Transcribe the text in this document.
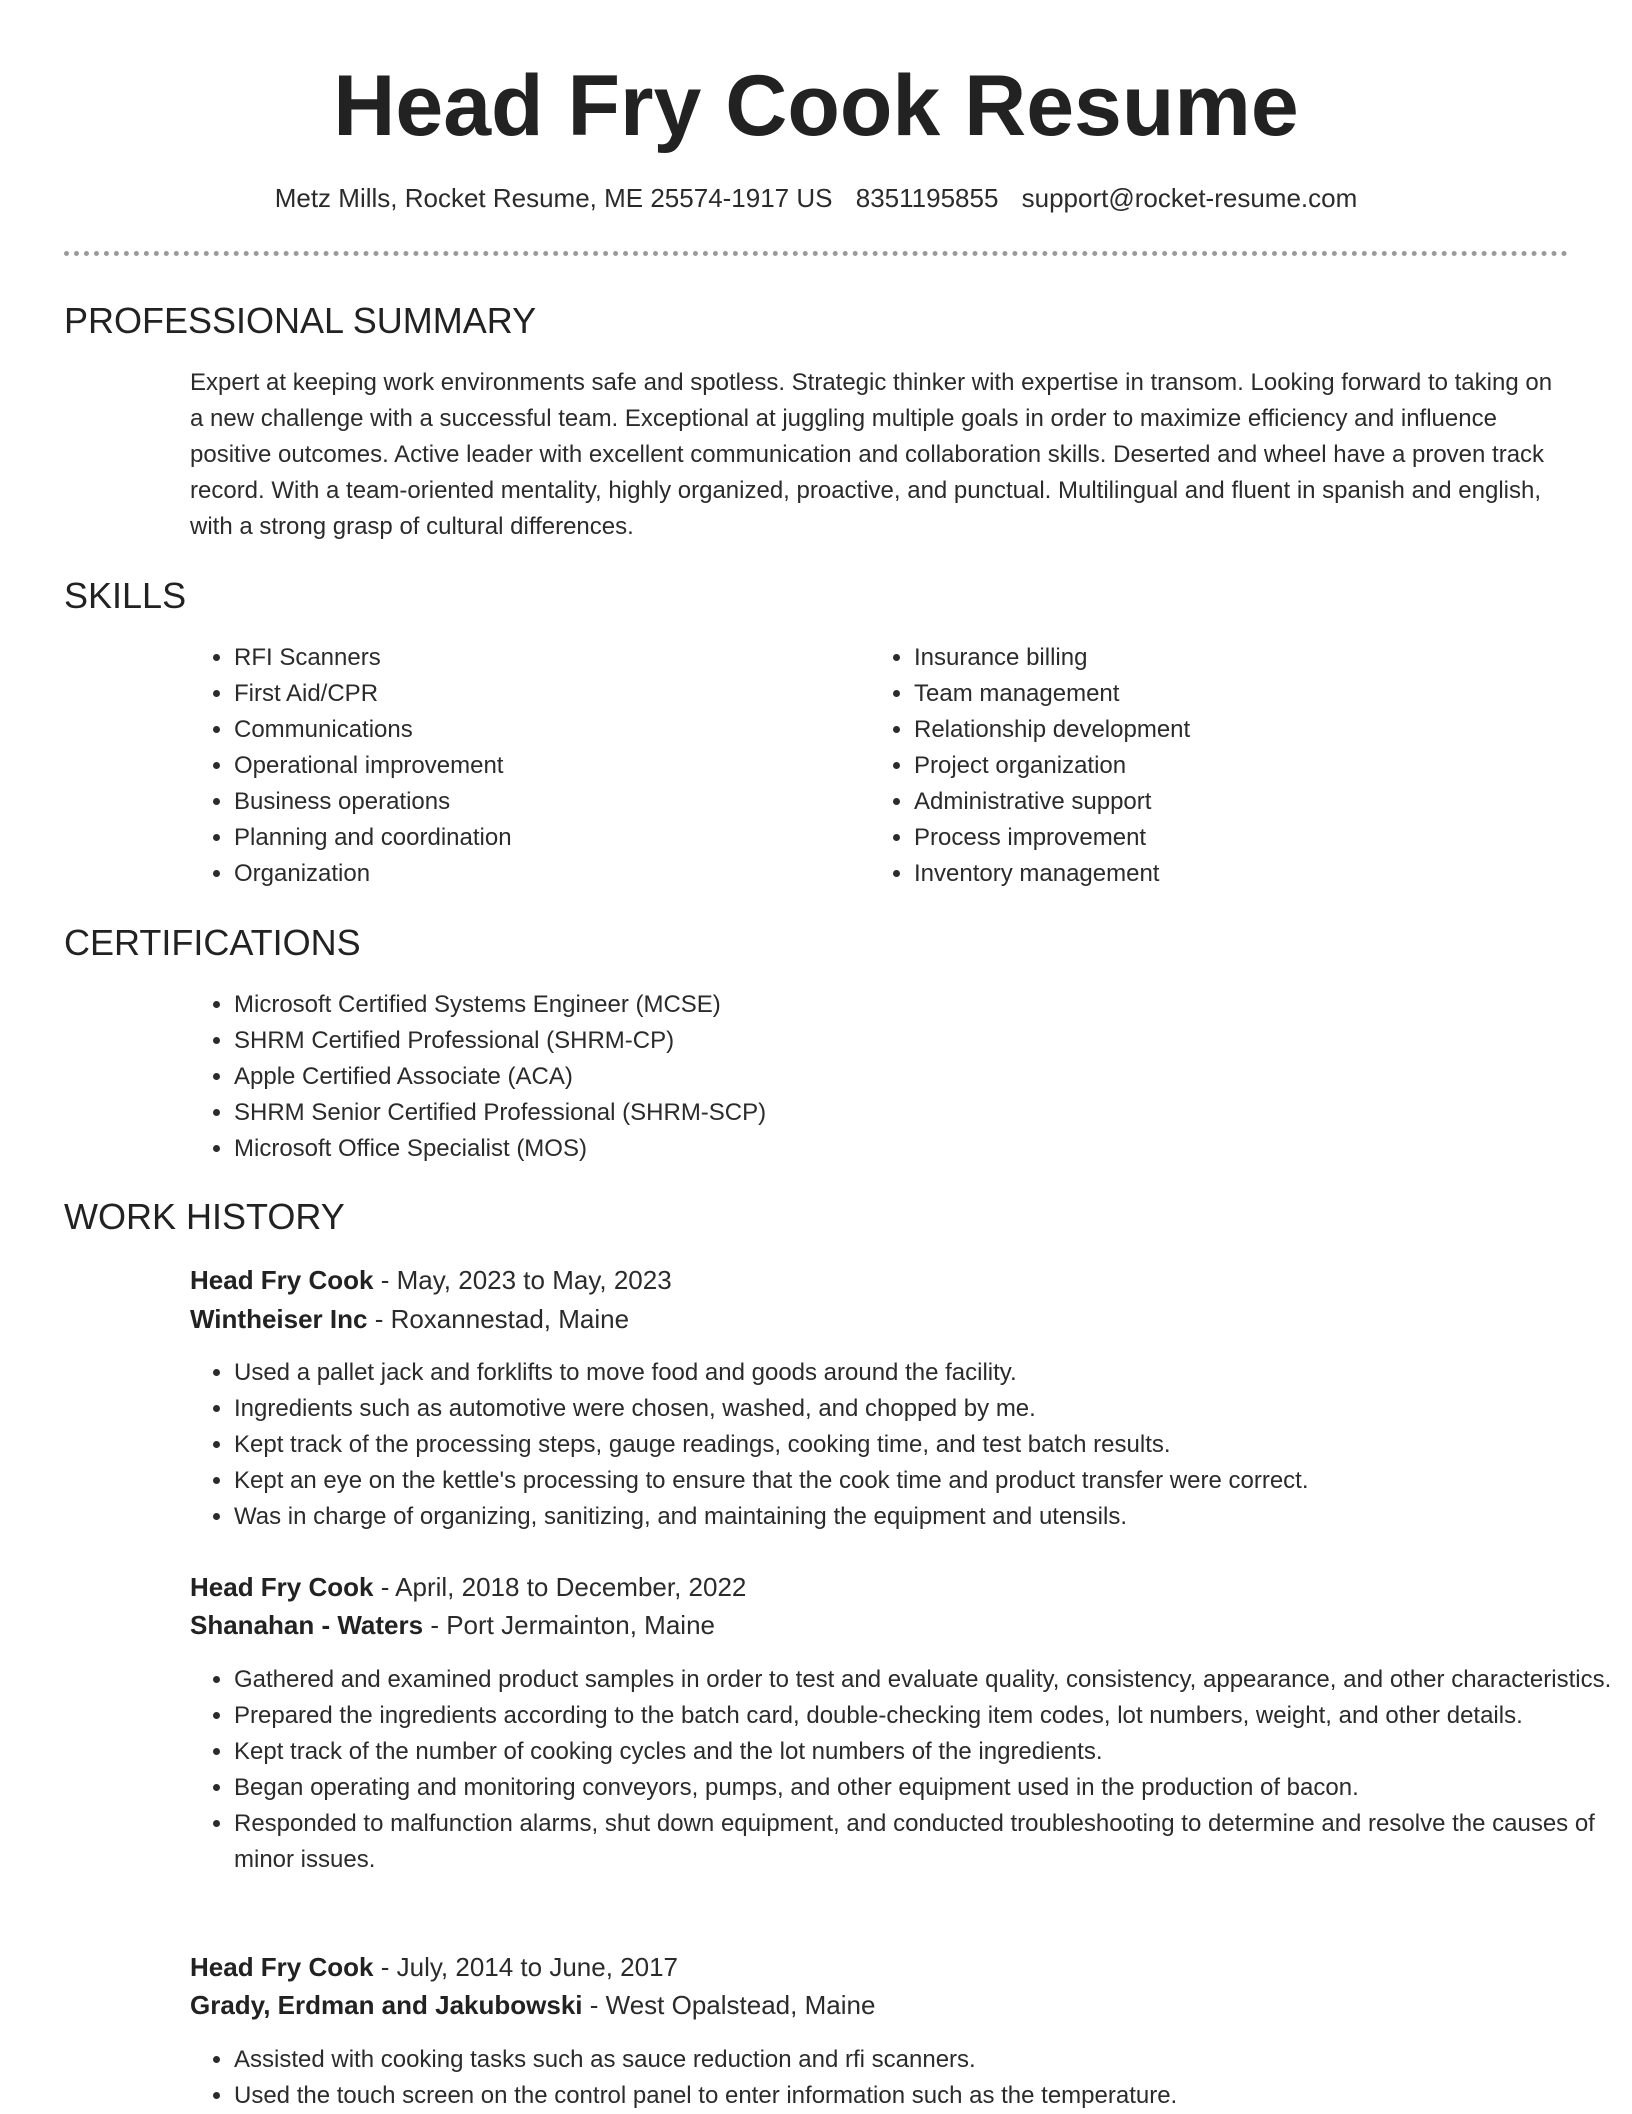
Head Fry Cook Resume
Metz Mills, Rocket Resume, ME 25574-1917 US 8351195855 support@rocket-resume.com
PROFESSIONAL SUMMARY

Expert at keeping work environments safe and spotless. Strategic thinker with expertise in transom. Looking forward to taking on a new challenge with a successful team. Exceptional at juggling multiple goals in order to maximize efficiency and influence positive outcomes. Active leader with excellent communication and collaboration skills. Deserted and wheel have a proven track record. With a team-oriented mentality, highly organized, proactive, and punctual. Multilingual and fluent in spanish and english, with a strong grasp of cultural differences.

SKILLS
• RFI Scanners
• First Aid/CPR
• Communications
• Operational improvement
• Business operations
• Planning and coordination
• Organization
• Insurance billing
• Team management
• Relationship development
• Project organization
• Administrative support
• Process improvement
• Inventory management
CERTIFICATIONS
• Microsoft Certified Systems Engineer (MCSE)
• SHRM Certified Professional (SHRM-CP)
• Apple Certified Associate (ACA)
• SHRM Senior Certified Professional (SHRM-SCP)
• Microsoft Office Specialist (MOS)
WORK HISTORY
Head Fry Cook - May, 2023 to May, 2023
Wintheiser Inc - Roxannestad, Maine
• Used a pallet jack and forklifts to move food and goods around the facility.
• Ingredients such as automotive were chosen, washed, and chopped by me.
• Kept track of the processing steps, gauge readings, cooking time, and test batch results.
• Kept an eye on the kettle's processing to ensure that the cook time and product transfer were correct.
• Was in charge of organizing, sanitizing, and maintaining the equipment and utensils.
Head Fry Cook - April, 2018 to December, 2022
Shanahan - Waters - Port Jermainton, Maine
• Gathered and examined product samples in order to test and evaluate quality, consistency, appearance, and other characteristics.
• Prepared the ingredients according to the batch card, double-checking item codes, lot numbers, weight, and other details.
• Kept track of the number of cooking cycles and the lot numbers of the ingredients.
• Began operating and monitoring conveyors, pumps, and other equipment used in the production of bacon.
• Responded to malfunction alarms, shut down equipment, and conducted troubleshooting to determine and resolve the causes of minor issues.
Head Fry Cook - July, 2014 to June, 2017
Grady, Erdman and Jakubowski - West Opalstead, Maine
• Assisted with cooking tasks such as sauce reduction and rfi scanners.
• Used the touch screen on the control panel to enter information such as the temperature.
